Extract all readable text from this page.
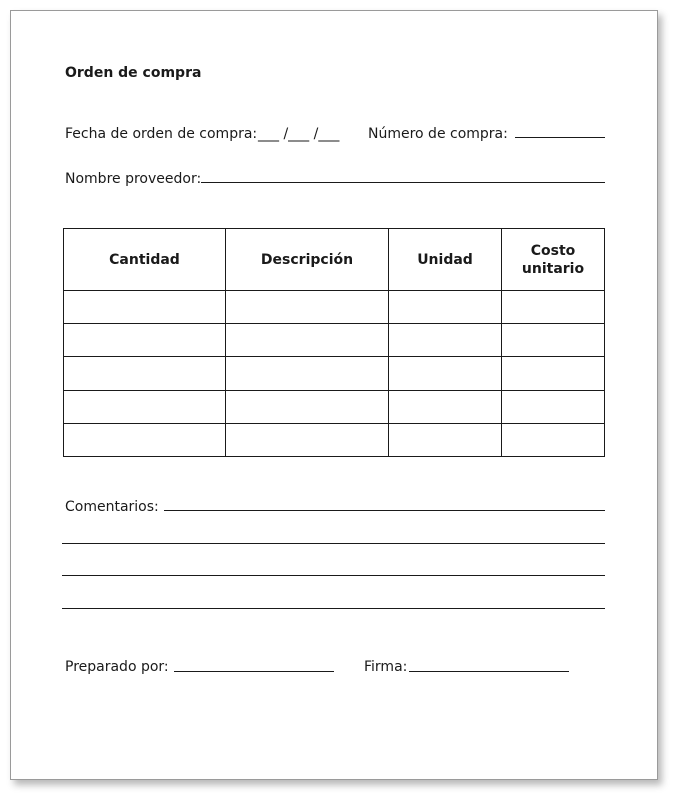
Orden de compra
Fecha de orden de compra: ___ /___ /___ Número de compra:
Nombre proveedor:
Cantidad	Descripción	Unidad	Costo unitario

Comentarios:
Preparado por:	Firma:
